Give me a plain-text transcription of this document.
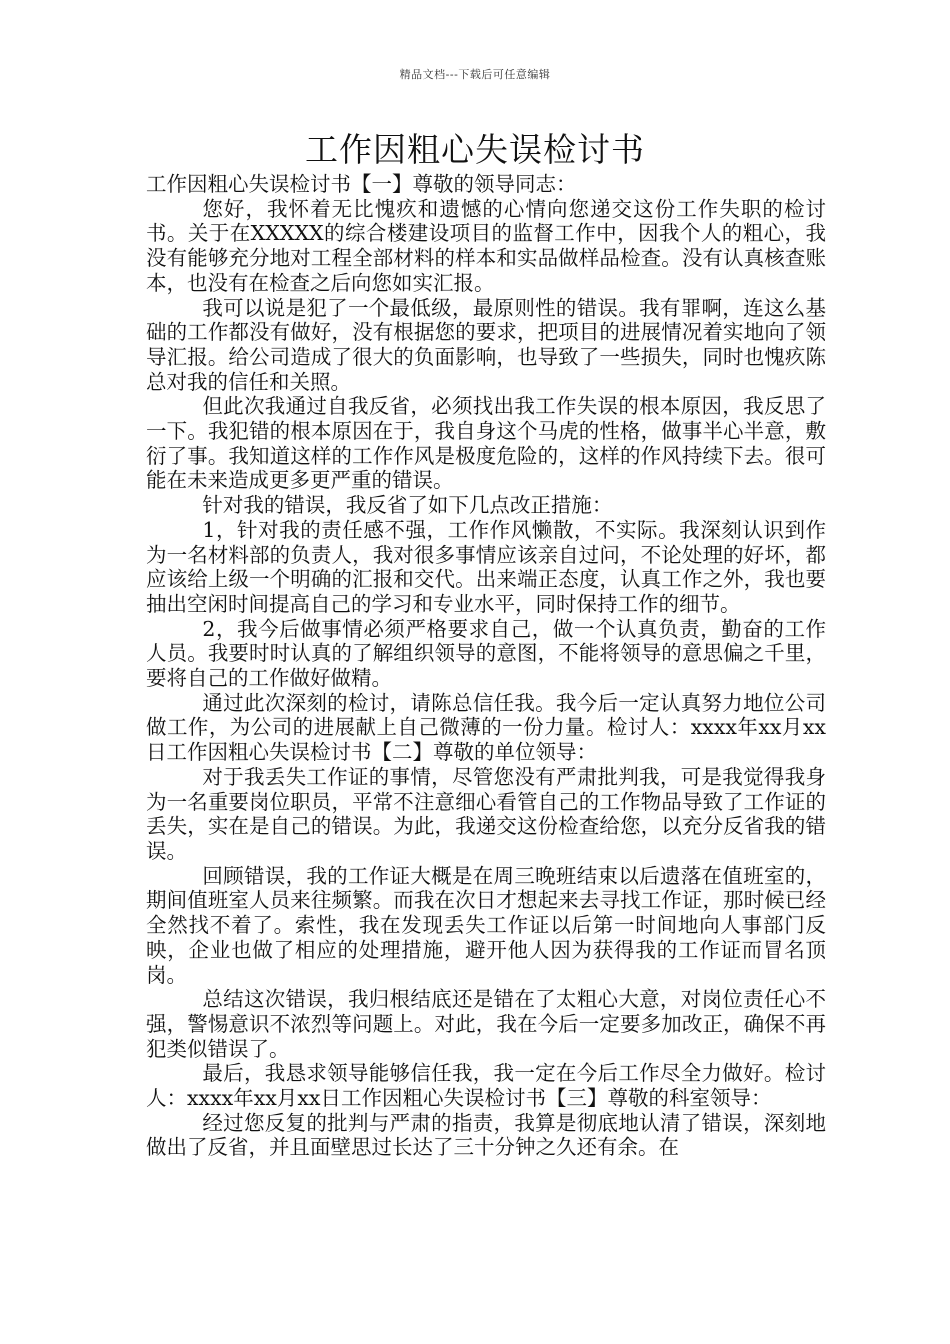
精品文档---下载后可任意编辑
工作因粗心失误检讨书

工作因粗心失误检讨书【一】尊敬的领导同志：

您好，我怀着无比愧疚和遗憾的心情向您递交这份工作失职的检讨书。关于在XXXXX的综合楼建设项目的监督工作中，因我个人的粗心，我没有能够充分地对工程全部材料的样本和实品做样品检查。没有认真核查账本，也没有在检查之后向您如实汇报。

我可以说是犯了一个最低级，最原则性的错误。我有罪啊，连这么基础的工作都没有做好，没有根据您的要求，把项目的进展情况着实地向了领导汇报。给公司造成了很大的负面影响，也导致了一些损失，同时也愧疚陈总对我的信任和关照。

但此次我通过自我反省，必须找出我工作失误的根本原因，我反思了一下。我犯错的根本原因在于，我自身这个马虎的性格，做事半心半意，敷衍了事。我知道这样的工作作风是极度危险的，这样的作风持续下去。很可能在未来造成更多更严重的错误。

针对我的错误，我反省了如下几点改正措施：

1，针对我的责任感不强，工作作风懒散，不实际。我深刻认识到作为一名材料部的负责人，我对很多事情应该亲自过问，不论处理的好坏，都应该给上级一个明确的汇报和交代。出来端正态度，认真工作之外，我也要抽出空闲时间提高自己的学习和专业水平，同时保持工作的细节。

2，我今后做事情必须严格要求自己，做一个认真负责，勤奋的工作人员。我要时时认真的了解组织领导的意图，不能将领导的意思偏之千里，要将自己的工作做好做精。

通过此次深刻的检讨，请陈总信任我。我今后一定认真努力地位公司做工作，为公司的进展献上自己微薄的一份力量。检讨人：xxxx年xx月xx日工作因粗心失误检讨书【二】尊敬的单位领导：

对于我丢失工作证的事情，尽管您没有严肃批判我，可是我觉得我身为一名重要岗位职员，平常不注意细心看管自己的工作物品导致了工作证的丢失，实在是自己的错误。为此，我递交这份检查给您，以充分反省我的错误。

回顾错误，我的工作证大概是在周三晚班结束以后遗落在值班室的，期间值班室人员来往频繁。而我在次日才想起来去寻找工作证，那时候已经全然找不着了。索性，我在发现丢失工作证以后第一时间地向人事部门反映，企业也做了相应的处理措施，避开他人因为获得我的工作证而冒名顶岗。

总结这次错误，我归根结底还是错在了太粗心大意，对岗位责任心不强，警惕意识不浓烈等问题上。对此，我在今后一定要多加改正，确保不再犯类似错误了。

最后，我恳求领导能够信任我，我一定在今后工作尽全力做好。检讨人：xxxx年xx月xx日工作因粗心失误检讨书【三】尊敬的科室领导：

经过您反复的批判与严肃的指责，我算是彻底地认清了错误，深刻地做出了反省，并且面壁思过长达了三十分钟之久还有余。在
